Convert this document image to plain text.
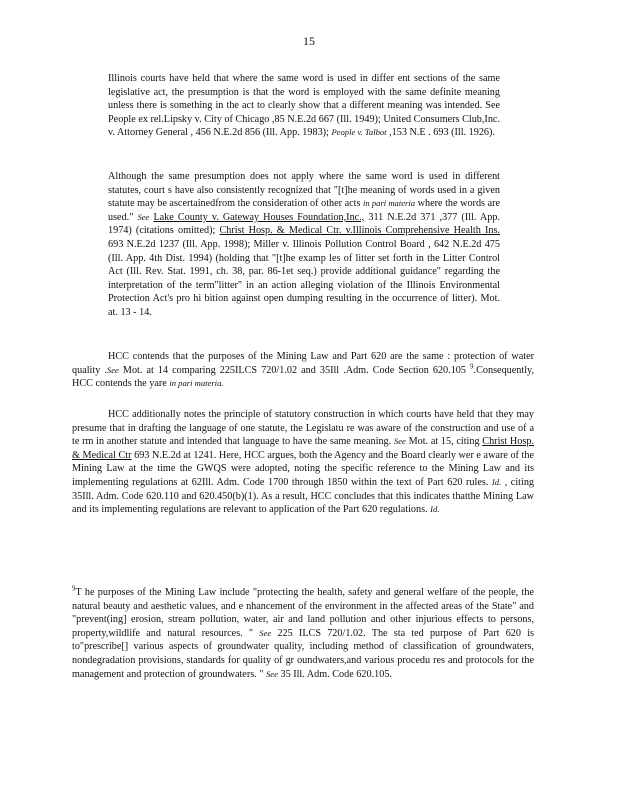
15

Illinois courts have held that where the same word is used in differ ent sections of the same legislative act, the presumption is that the word is employed with the same definite meaning unless there is something in the act to clearly show that a different meaning was intended. See People ex rel.Lipsky v. City of Chicago ,85 N.E.2d 667 (Ill. 1949); United Consumers Club,Inc. v. Attorney General , 456 N.E.2d 856 (Ill. App. 1983); People v. Talbot ,153 N.E . 693 (Ill. 1926).

Although the same presumption does not apply where the same word is used in different statutes, court s have also consistently recognized that "[t]he meaning of words used in a given statute may be ascertainedfrom the consideration of other acts in pari materia where the words are used." See Lake County v. Gateway Houses Foundation,Inc., 311 N.E.2d 371 ,377 (Ill. App. 1974) (citations omitted); Christ Hosp. & Medical Ctr. v.Illinois Comprehensive Health Ins. 693 N.E.2d 1237 (Ill. App. 1998); Miller v. Illinois Pollution Control Board , 642 N.E.2d 475 (Ill. App. 4th Dist. 1994) (holding that "[t]he examp les of litter set forth in the Litter Control Act (Ill. Rev. Stat. 1991, ch. 38, par. 86-1et seq.) provide additional guidance" regarding the interpretation of the term"litter" in an action alleging violation of the Illinois Environmental Protection Act's pro hi bition against open dumping resulting in the occurrence of litter). Mot. at. 13 - 14.

HCC contends that the purposes of the Mining Law and Part 620 are the same : protection of water quality .See Mot. at 14 comparing 225ILCS 720/1.02 and 35Ill .Adm. Code Section 620.105 $^9$.Consequently, HCC contends the yare in pari materia.

HCC additionally notes the principle of statutory construction in which courts have held that they may presume that in drafting the language of one statute, the Legislatu re was aware of the construction and use of a te rm in another statute and intended that language to have the same meaning. See Mot. at 15, citing Christ Hosp. & Medical Ctr 693 N.E.2d at 1241. Here, HCC argues, both the Agency and the Board clearly wer e aware of the Mining Law at the time the GWQS were adopted, noting the specific reference to the Mining Law and its implementing regulations at 62Ill. Adm. Code 1700 through 1850 within the text of Part 620 rules. Id. , citing 35Ill. Adm. Code 620.110 and 620.450(b)(1). As a result, HCC concludes that this indicates thatthe Mining Law and its implementing regulations are relevant to application of the Part 620 regulations. Id.

$^9$T he purposes of the Mining Law include "protecting the health, safety and general welfare of the people, the natural beauty and aesthetic values, and e nhancement of the environment in the affected areas of the State" and "prevent(ing] erosion, stream pollution, water, air and land pollution and other injurious effects to persons, property,wildlife and natural resources. " See 225 ILCS 720/1.02. The sta ted purpose of Part 620 is to"prescribe[] various aspects of groundwater quality, including method of classification of groundwaters, nondegradation provisions, standards for quality of gr oundwaters,and various procedu res and protocols for the management and protection of groundwaters. " See 35 Ill. Adm. Code 620.105.
